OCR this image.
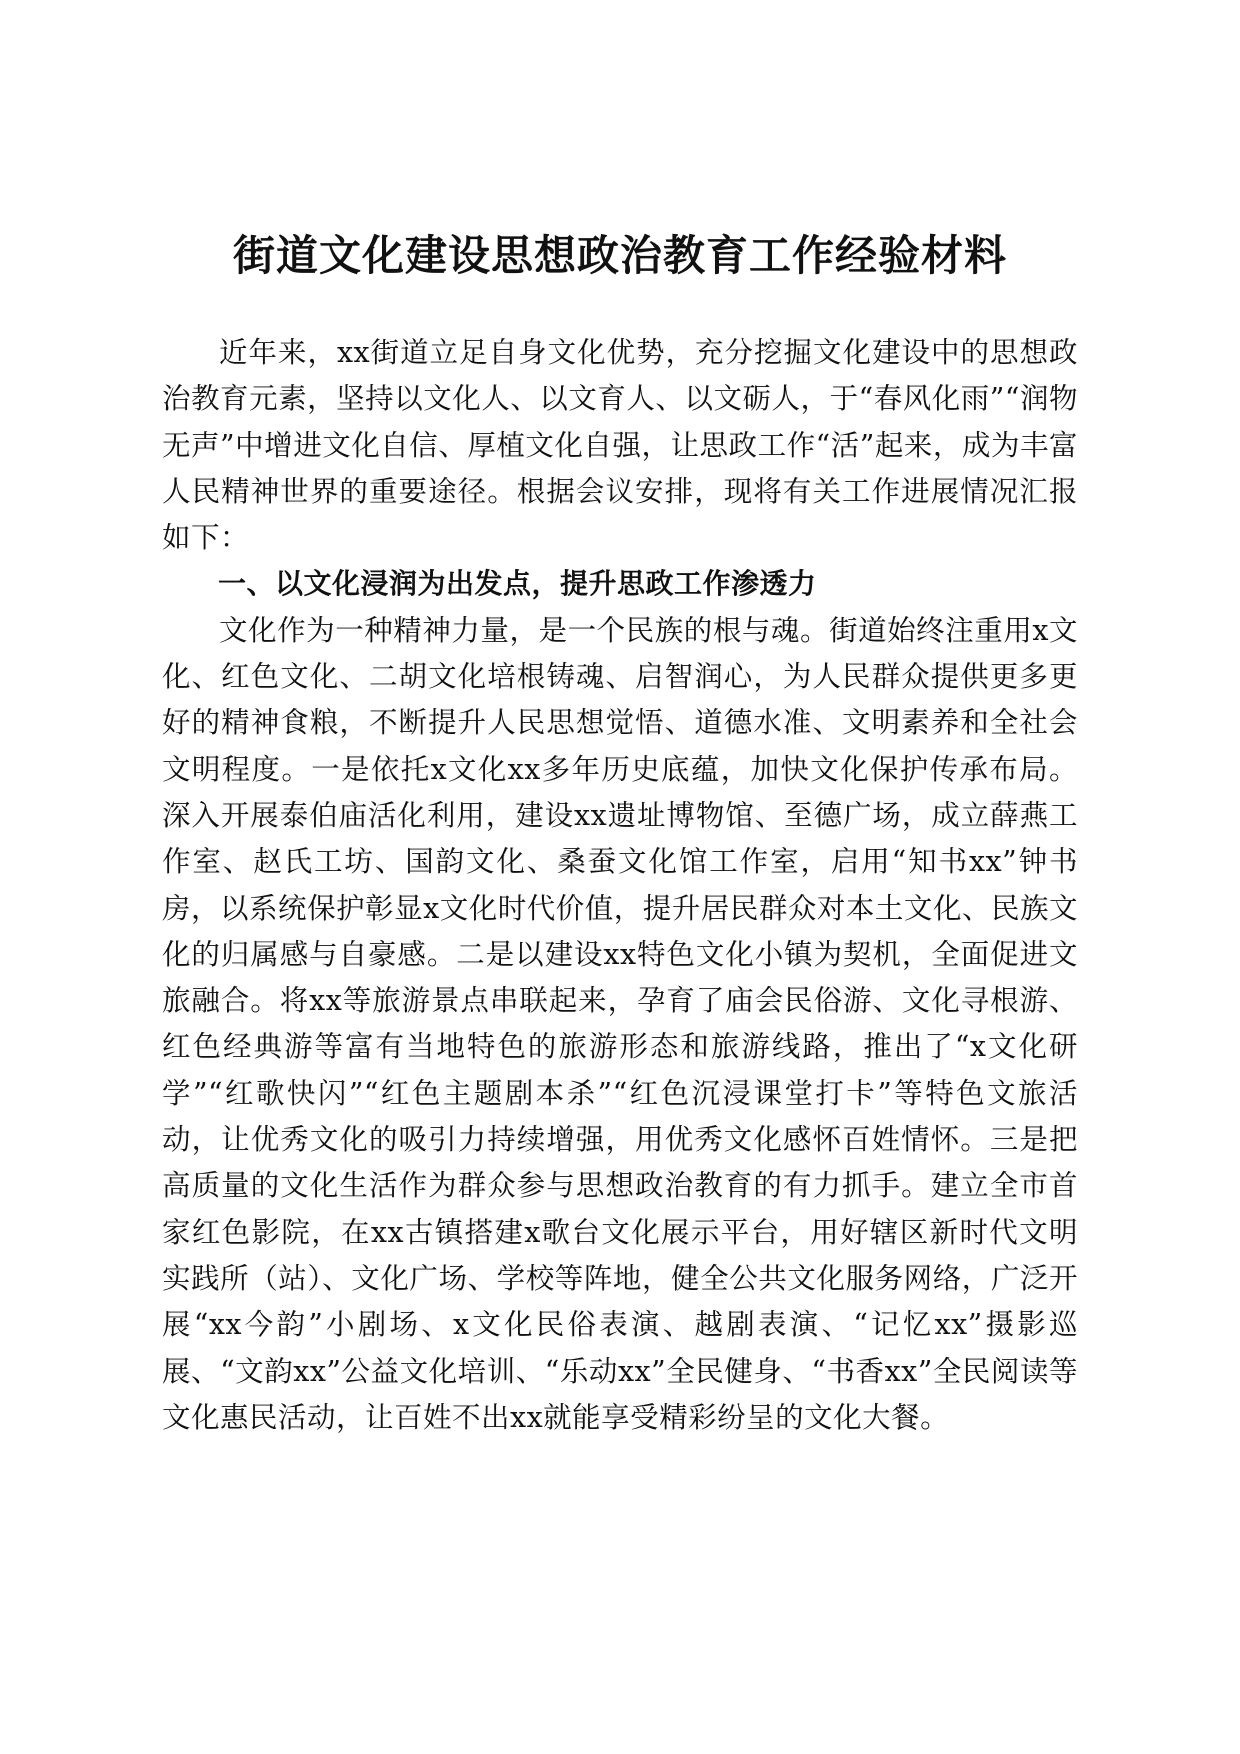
街道文化建设思想政治教育工作经验材料

近年来，xx街道立足自身文化优势，充分挖掘文化建设中的思想政治教育元素，坚持以文化人、以文育人、以文砺人，于“春风化雨”“润物无声”中增进文化自信、厚植文化自强，让思政工作“活”起来，成为丰富人民精神世界的重要途径。根据会议安排，现将有关工作进展情况汇报如下：

一、以文化浸润为出发点，提升思政工作渗透力

文化作为一种精神力量，是一个民族的根与魂。街道始终注重用x文化、红色文化、二胡文化培根铸魂、启智润心，为人民群众提供更多更好的精神食粮，不断提升人民思想觉悟、道德水准、文明素养和全社会文明程度。一是依托x文化xx多年历史底蕴，加快文化保护传承布局。深入开展泰伯庙活化利用，建设xx遗址博物馆、至德广场，成立薛燕工作室、赵氏工坊、国韵文化、桑蚕文化馆工作室，启用“知书xx”钟书房，以系统保护彰显x文化时代价值，提升居民群众对本土文化、民族文化的归属感与自豪感。二是以建设xx特色文化小镇为契机，全面促进文旅融合。将xx等旅游景点串联起来，孕育了庙会民俗游、文化寻根游、红色经典游等富有当地特色的旅游形态和旅游线路，推出了“x文化研学”“红歌快闪”“红色主题剧本杀”“红色沉浸课堂打卡”等特色文旅活动，让优秀文化的吸引力持续增强，用优秀文化感怀百姓情怀。三是把高质量的文化生活作为群众参与思想政治教育的有力抓手。建立全市首家红色影院，在xx古镇搭建x歌台文化展示平台，用好辖区新时代文明实践所（站）、文化广场、学校等阵地，健全公共文化服务网络，广泛开展“xx今韵”小剧场、x文化民俗表演、越剧表演、“记忆xx”摄影巡展、“文韵xx”公益文化培训、“乐动xx”全民健身、“书香xx”全民阅读等文化惠民活动，让百姓不出xx就能享受精彩纷呈的文化大餐。
